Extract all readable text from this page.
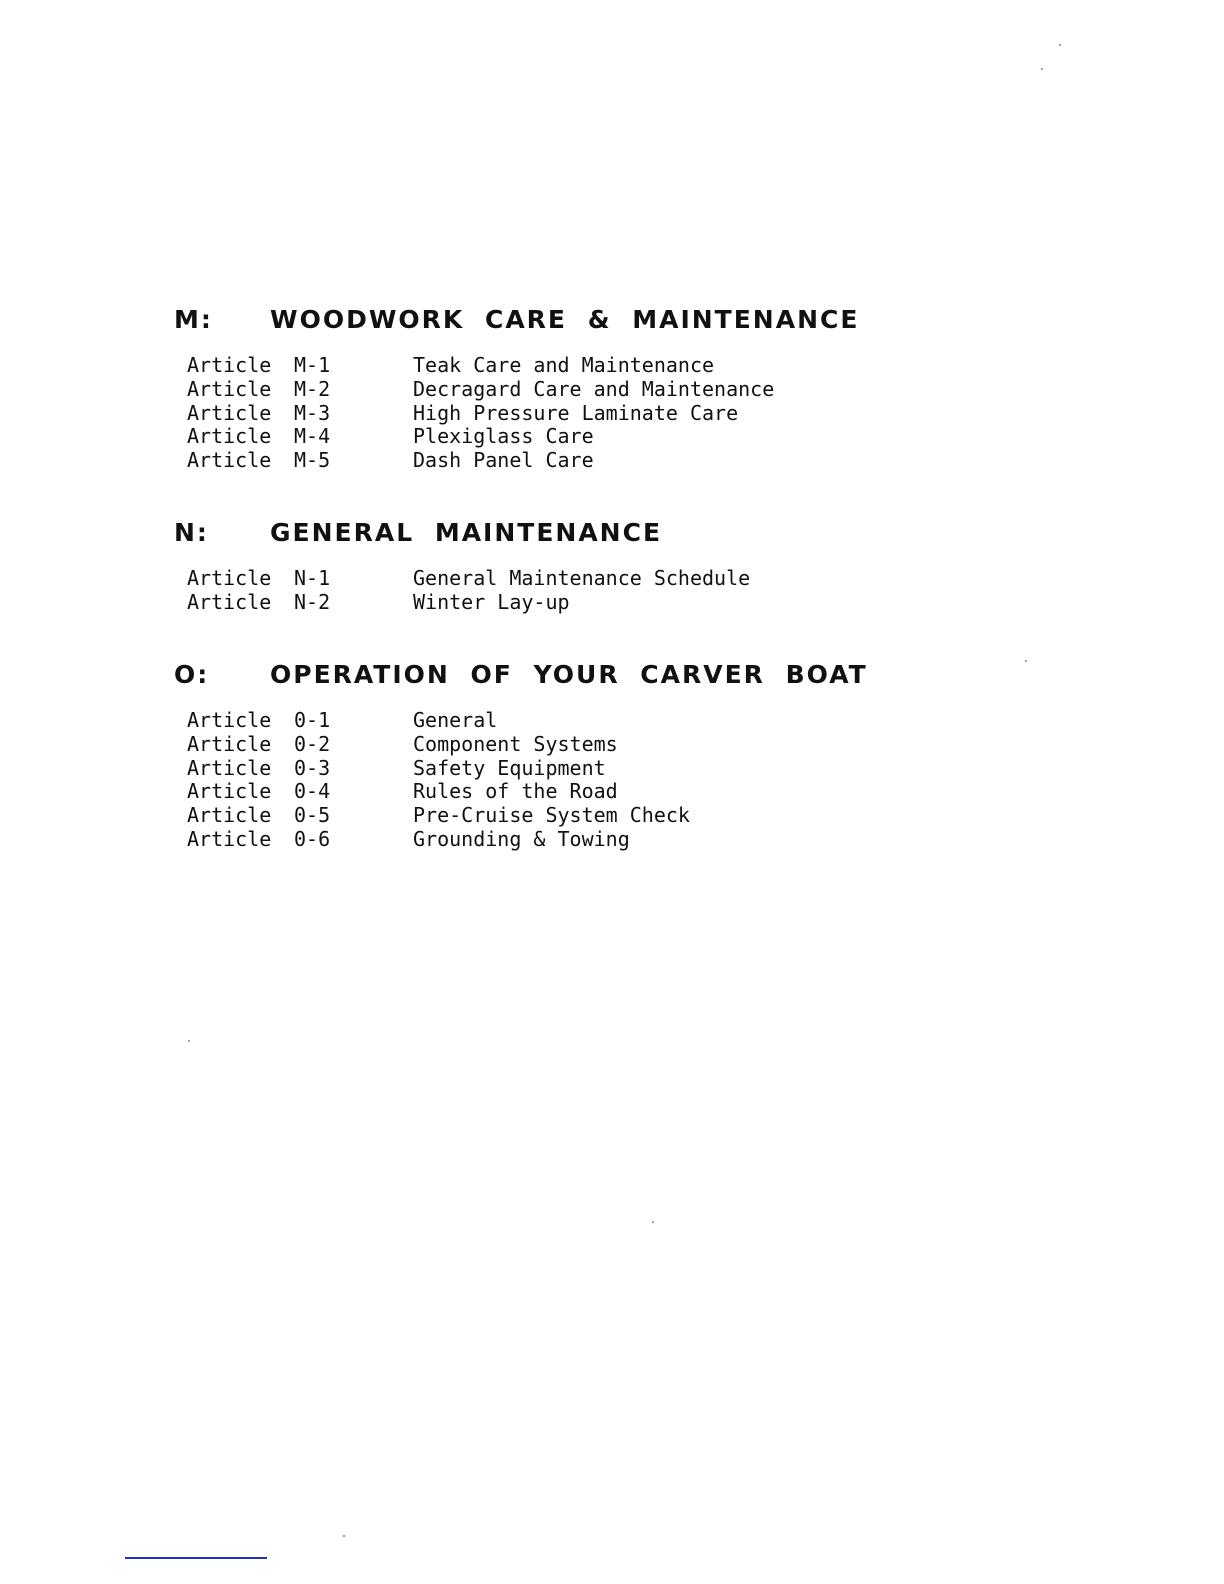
M: WOODWORK CARE & MAINTENANCE
Article M-1	Teak Care and Maintenance
Article M-2	Decragard Care and Maintenance
Article M-3	High Pressure Laminate Care
Article M-4	Plexiglass Care
Article M-5	Dash Panel Care
N: GENERAL MAINTENANCE
Article N-1	General Maintenance Schedule
Article N-2	Winter Lay-up
O: OPERATION OF YOUR CARVER BOAT
Article 0-1	General
Article 0-2	Component Systems
Article 0-3	Safety Equipment
Article 0-4	Rules of the Road
Article 0-5	Pre-Cruise System Check
Article 0-6	Grounding & Towing
